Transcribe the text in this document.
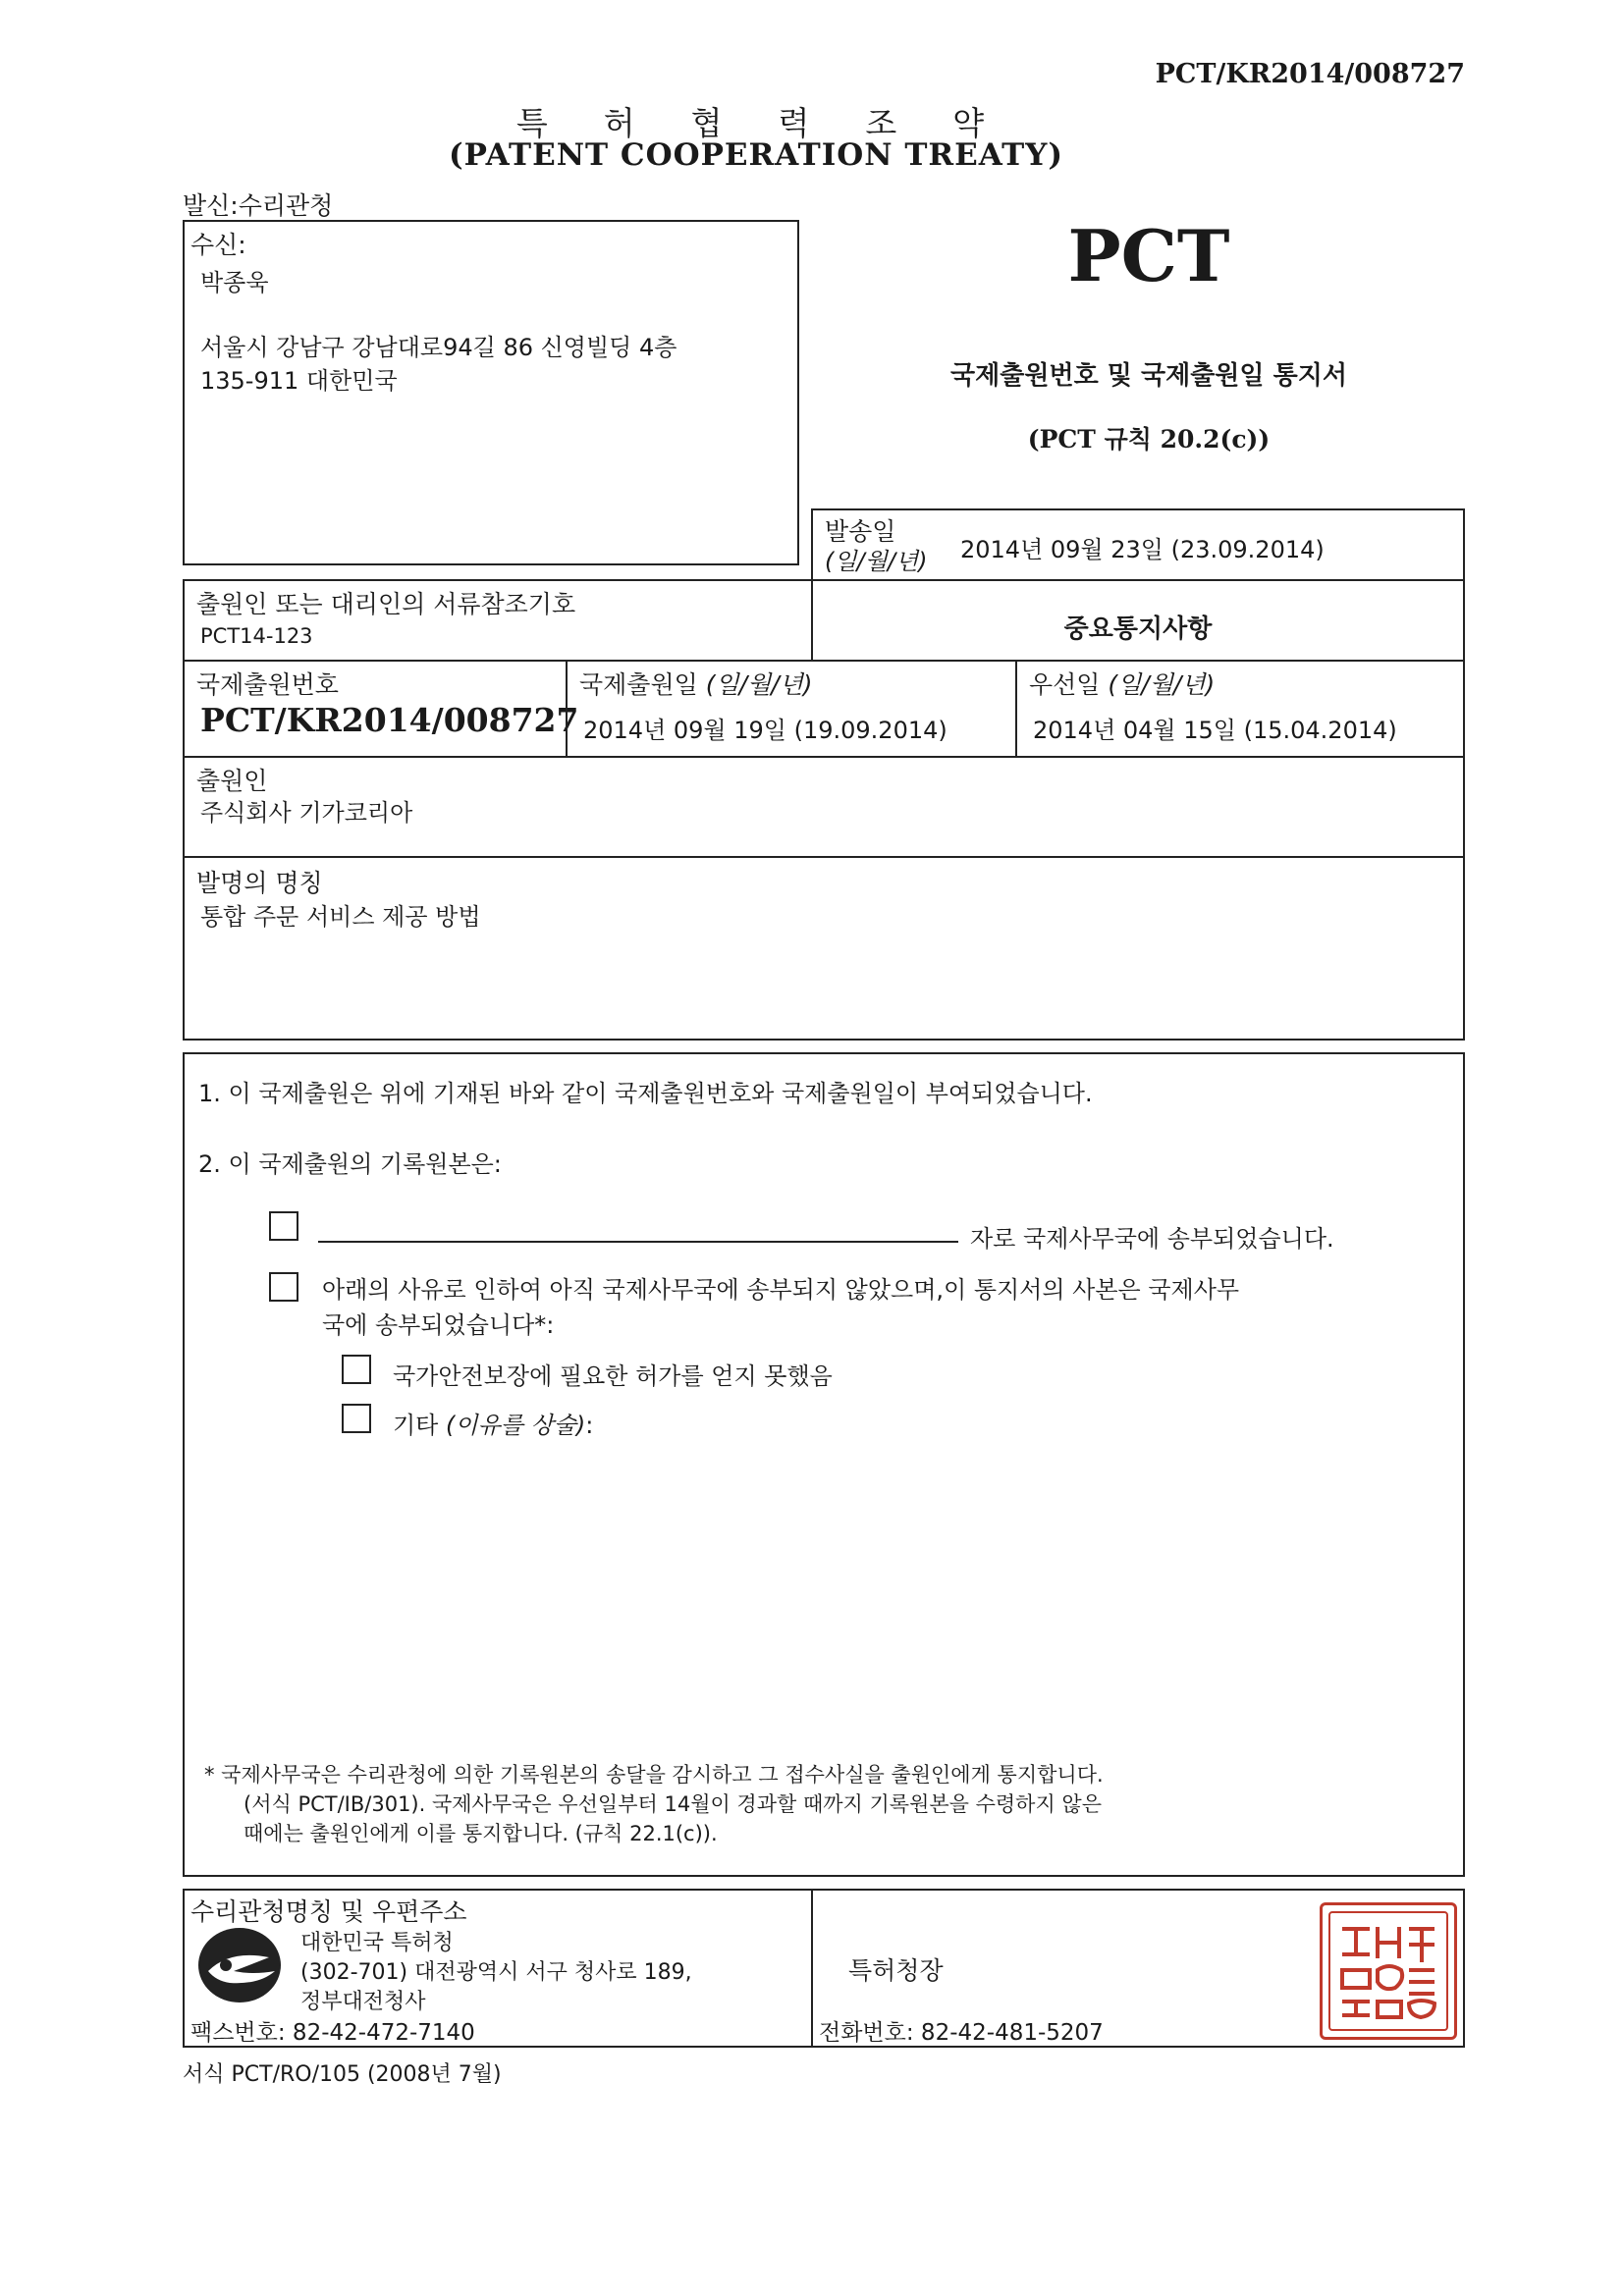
PCT/KR2014/008727
특  허  협  력  조  약
(PATENT COOPERATION TREATY)
발신:수리관청
수신:
박종욱
서울시 강남구 강남대로94길 86 신영빌딩 4층
135-911 대한민국
PCT
국제출원번호 및 국제출원일 통지서
(PCT 규칙 20.2(c))
발송일
(일/월/년) 2014년 09월 23일 (23.09.2014)
출원인 또는 대리인의 서류참조기호
PCT14-123	중요통지사항
국제출원번호
PCT/KR2014/008727
국제출원일 (일/월/년)
2014년 09월 19일 (19.09.2014)
우선일 (일/월/년)
2014년 04월 15일 (15.04.2014)
출원인
주식회사 기가코리아
발명의 명칭
통합 주문 서비스 제공 방법
1. 이 국제출원은 위에 기재된 바와 같이 국제출원번호와 국제출원일이 부여되었습니다.
2. 이 국제출원의 기록원본은:
자로 국제사무국에 송부되었습니다.
아래의 사유로 인하여 아직 국제사무국에 송부되지 않았으며,이 통지서의 사본은 국제사무
국에 송부되었습니다*:
국가안전보장에 필요한 허가를 얻지 못했음
기타 (이유를 상술):
* 국제사무국은 수리관청에 의한 기록원본의 송달을 감시하고 그 접수사실을 출원인에게 통지합니다.
(서식 PCT/IB/301). 국제사무국은 우선일부터 14월이 경과할 때까지 기록원본을 수령하지 않은
때에는 출원인에게 이를 통지합니다. (규칙 22.1(c)).
수리관청명칭 및 우편주소
대한민국 특허청
(302-701) 대전광역시 서구 청사로 189,
정부대전청사
팩스번호: 82-42-472-7140
특허청장
전화번호: 82-42-481-5207
서식 PCT/RO/105 (2008년 7월)
